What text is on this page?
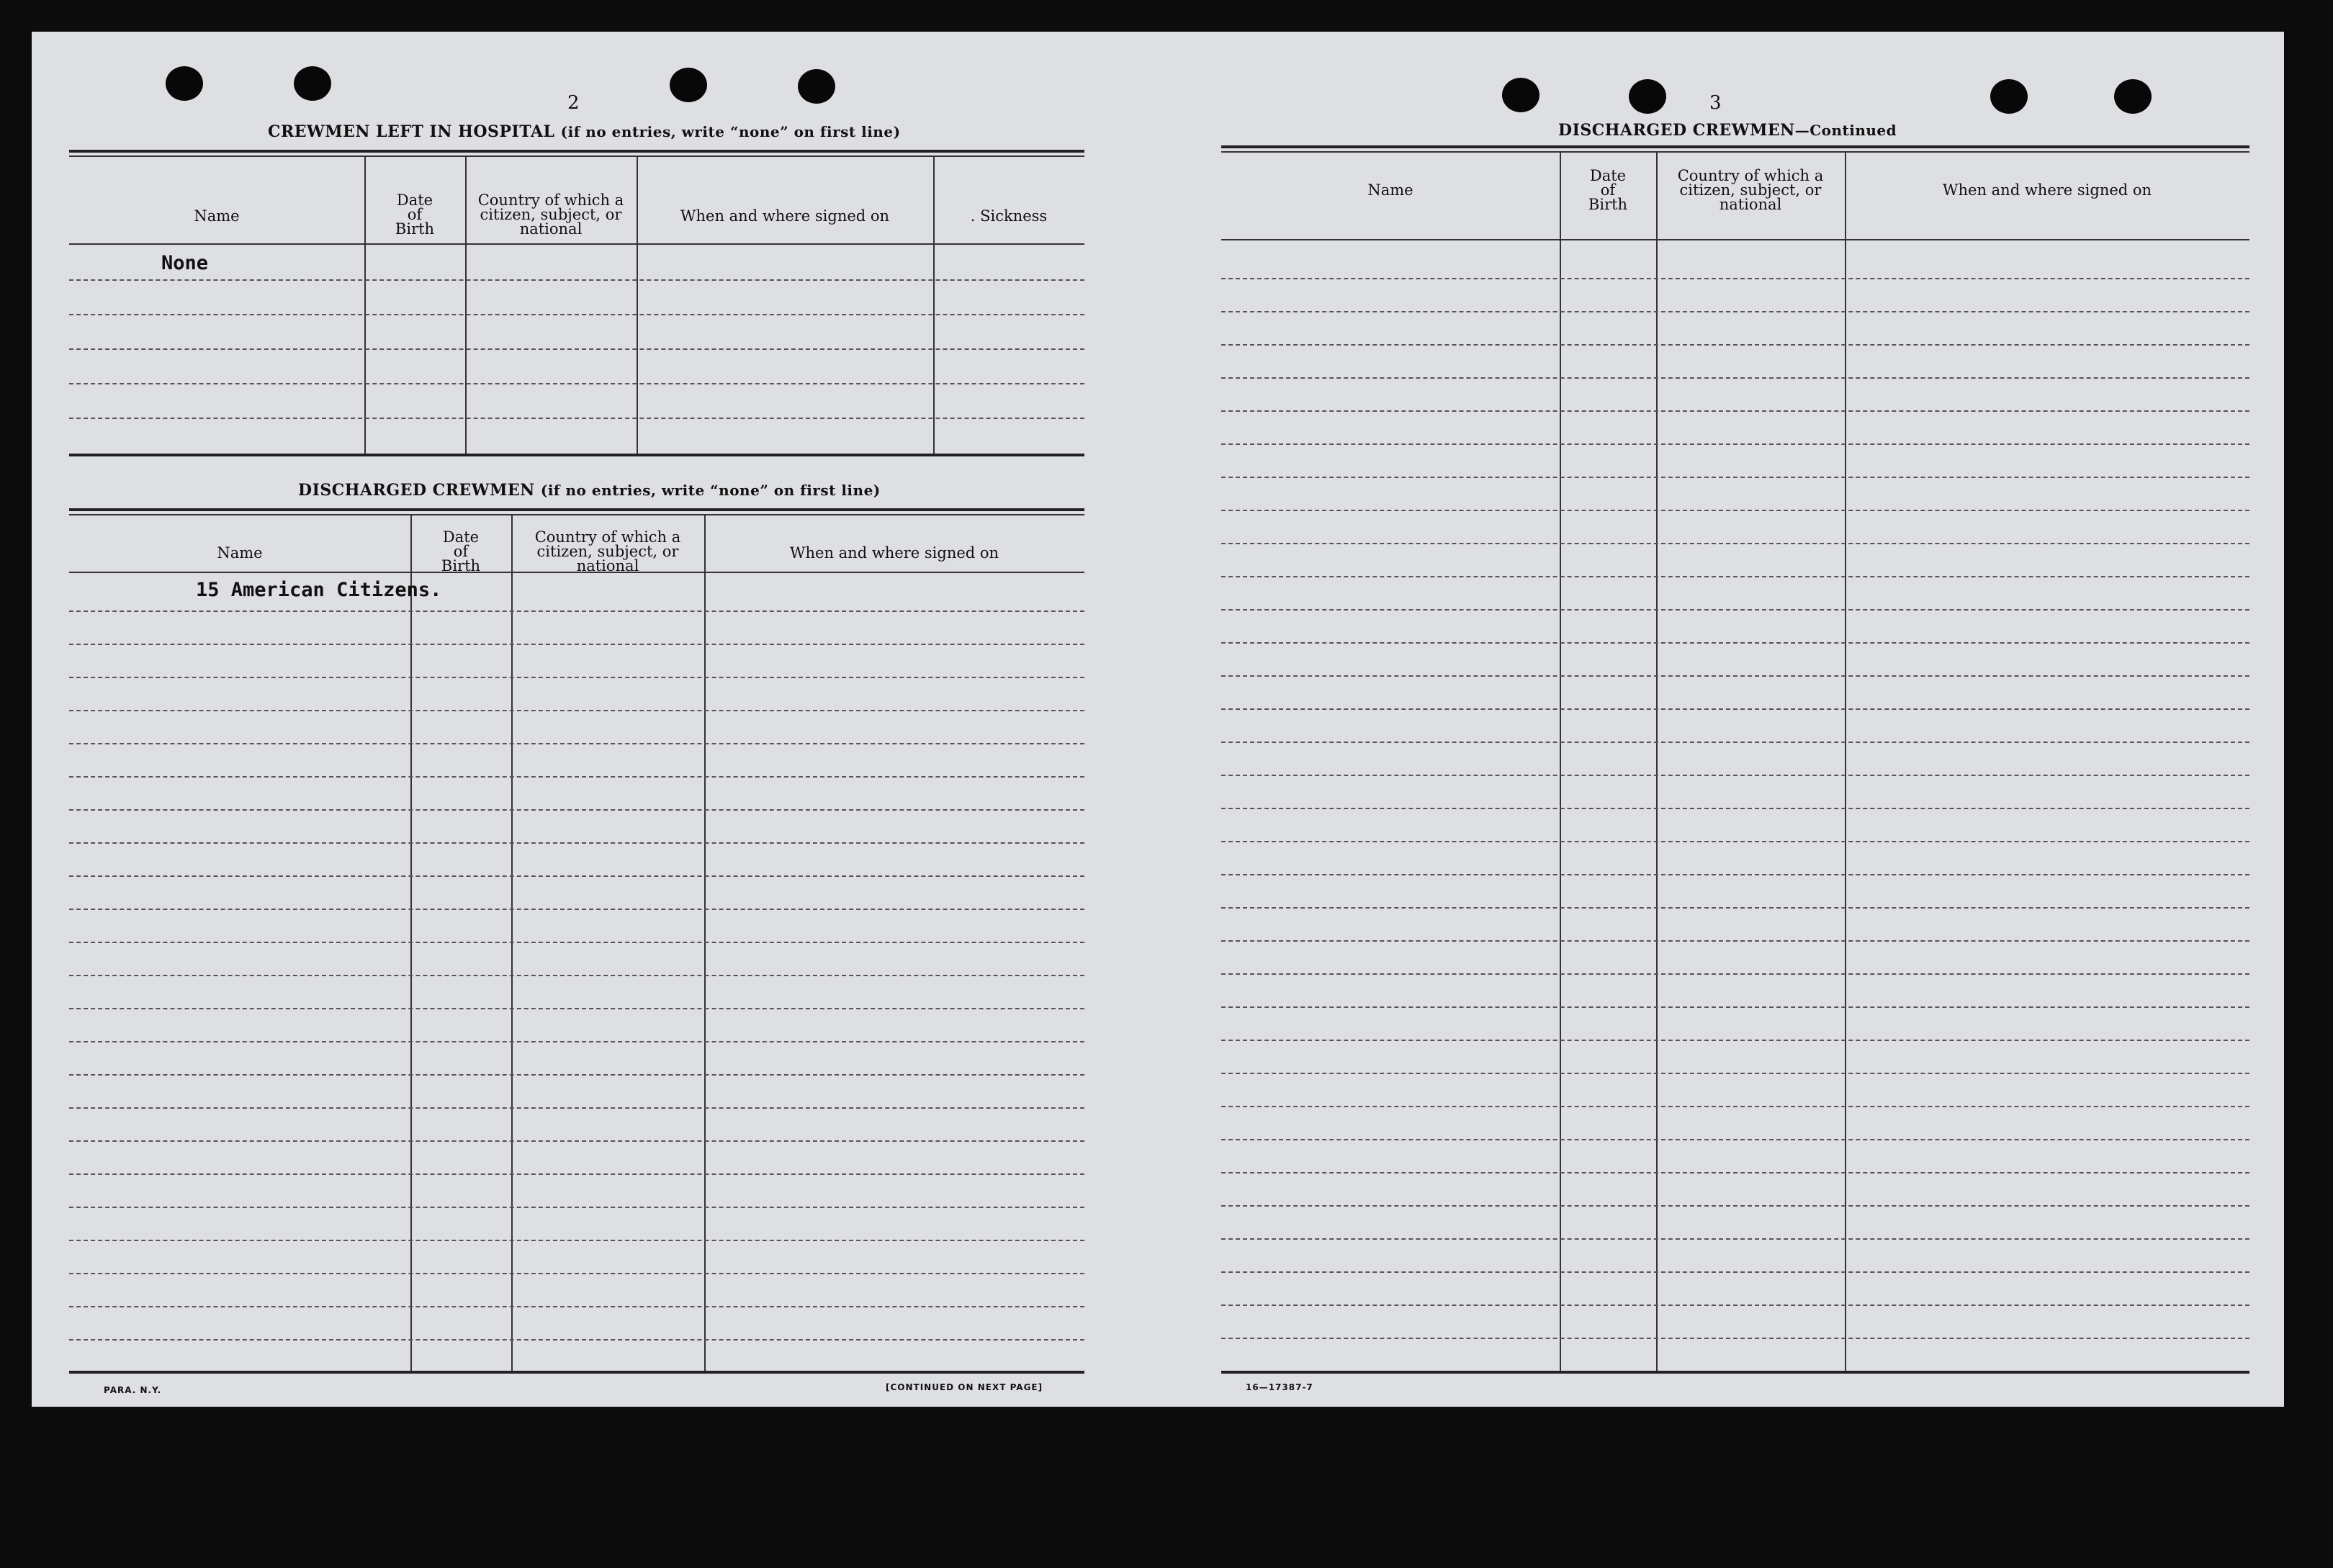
2
CREWMEN LEFT IN HOSPITAL (if no entries, write “none” on first line)
Name
Date
of
Birth
Country of which a
citizen, subject, or
national
When and where signed on	. Sickness
None
DISCHARGED CREWMEN (if no entries, write “none” on first line)
Name
Date
of
Birth
Country of which a
citizen, subject, or
national
When and where signed on
15 American Citizens.
PARA. N.Y.	[CONTINUED ON NEXT PAGE]
3
DISCHARGED CREWMEN—Continued
Name
Date
of
Birth
Country of which a
citizen, subject, or
national
When and where signed on
16—17387-7
